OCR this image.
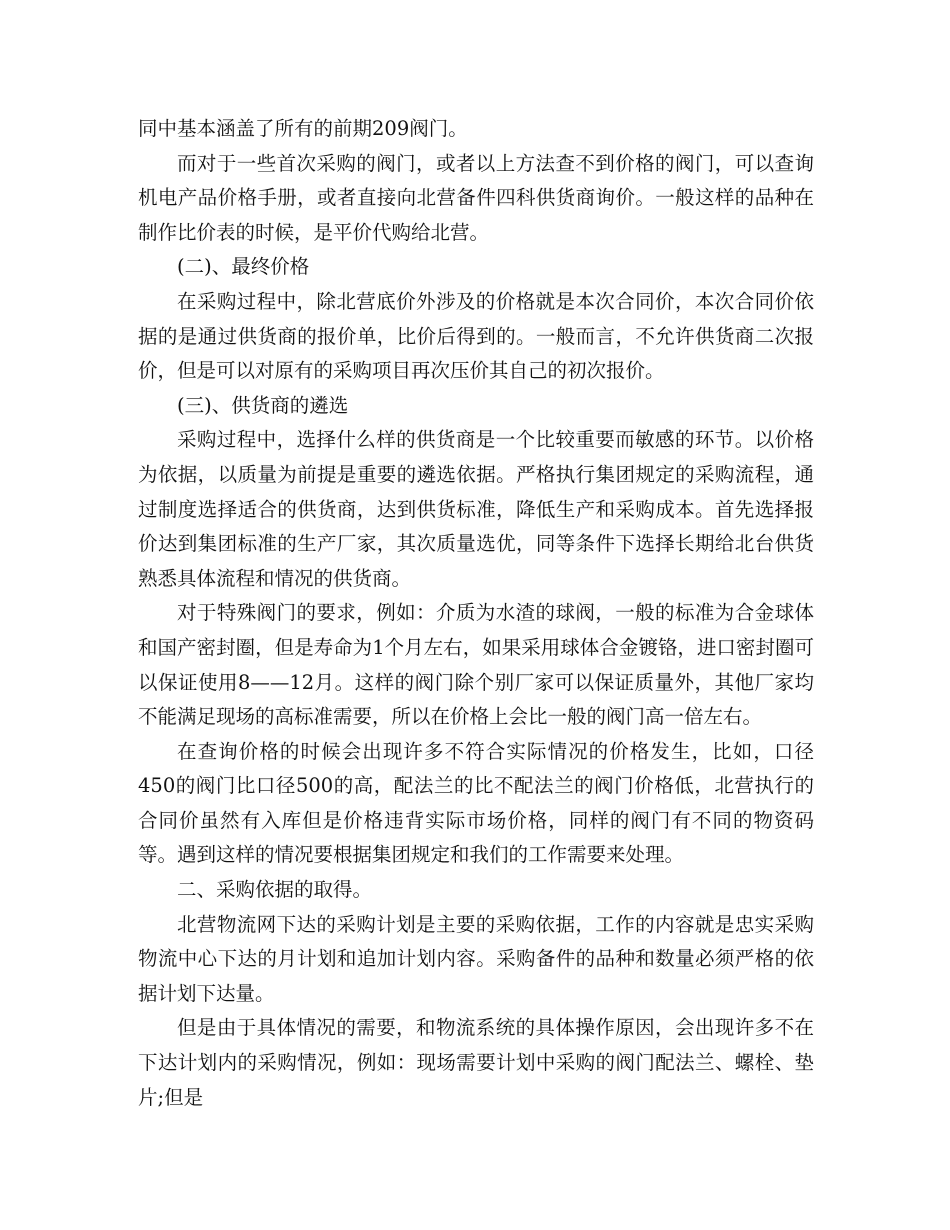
同中基本涵盖了所有的前期209阀门。

而对于一些首次采购的阀门，或者以上方法查不到价格的阀门，可以查询机电产品价格手册，或者直接向北营备件四科供货商询价。一般这样的品种在制作比价表的时候，是平价代购给北营。

(二)、最终价格

在采购过程中，除北营底价外涉及的价格就是本次合同价，本次合同价依据的是通过供货商的报价单，比价后得到的。一般而言，不允许供货商二次报价，但是可以对原有的采购项目再次压价其自己的初次报价。

(三)、供货商的遴选

采购过程中，选择什么样的供货商是一个比较重要而敏感的环节。以价格为依据，以质量为前提是重要的遴选依据。严格执行集团规定的采购流程，通过制度选择适合的供货商，达到供货标准，降低生产和采购成本。首先选择报价达到集团标准的生产厂家，其次质量选优，同等条件下选择长期给北台供货熟悉具体流程和情况的供货商。

对于特殊阀门的要求，例如：介质为水渣的球阀，一般的标准为合金球体和国产密封圈，但是寿命为1个月左右，如果采用球体合金镀铬，进口密封圈可以保证使用8——12月。这样的阀门除个别厂家可以保证质量外，其他厂家均不能满足现场的高标准需要，所以在价格上会比一般的阀门高一倍左右。

在查询价格的时候会出现许多不符合实际情况的价格发生，比如，口径450的阀门比口径500的高，配法兰的比不配法兰的阀门价格低，北营执行的合同价虽然有入库但是价格违背实际市场价格，同样的阀门有不同的物资码等。遇到这样的情况要根据集团规定和我们的工作需要来处理。

二、采购依据的取得。

北营物流网下达的采购计划是主要的采购依据，工作的内容就是忠实采购物流中心下达的月计划和追加计划内容。采购备件的品种和数量必须严格的依据计划下达量。

但是由于具体情况的需要，和物流系统的具体操作原因，会出现许多不在下达计划内的采购情况，例如：现场需要计划中采购的阀门配法兰、螺栓、垫片;但是
